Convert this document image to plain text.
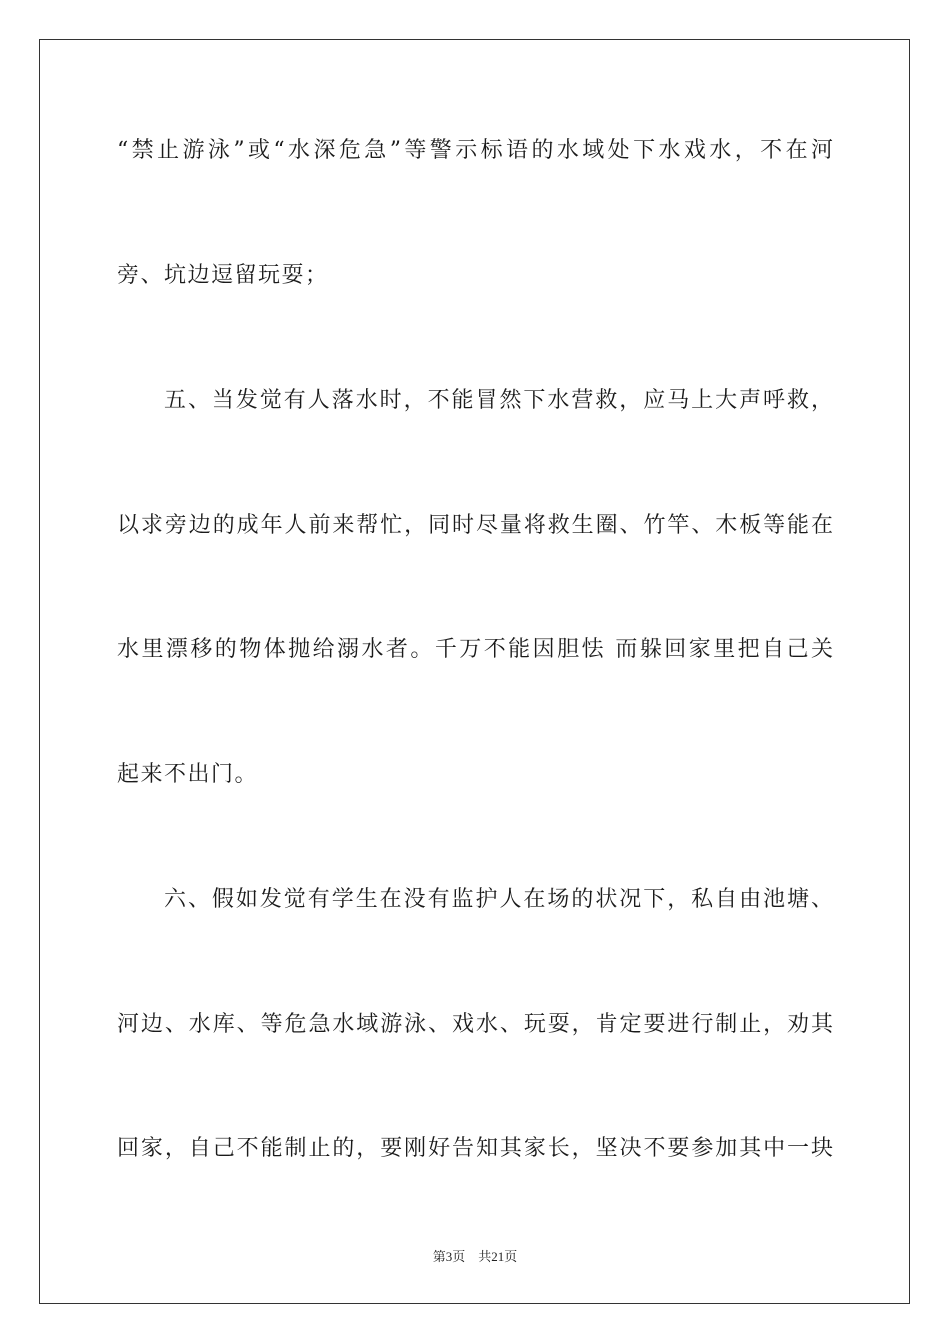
“禁止游泳”或“水深危急”等警示标语的水域处下水戏水，不在河
旁、坑边逗留玩耍；
五、当发觉有人落水时，不能冒然下水营救，应马上大声呼救，
以求旁边的成年人前来帮忙，同时尽量将救生圈、竹竿、木板等能在
水里漂移的物体抛给溺水者。千万不能因胆怯 而躲回家里把自己关
起来不出门。
六、假如发觉有学生在没有监护人在场的状况下，私自由池塘、
河边、水库、等危急水域游泳、戏水、玩耍，肯定要进行制止，劝其
回家，自己不能制止的，要刚好告知其家长，坚决不要参加其中一块
第3页 共21页
